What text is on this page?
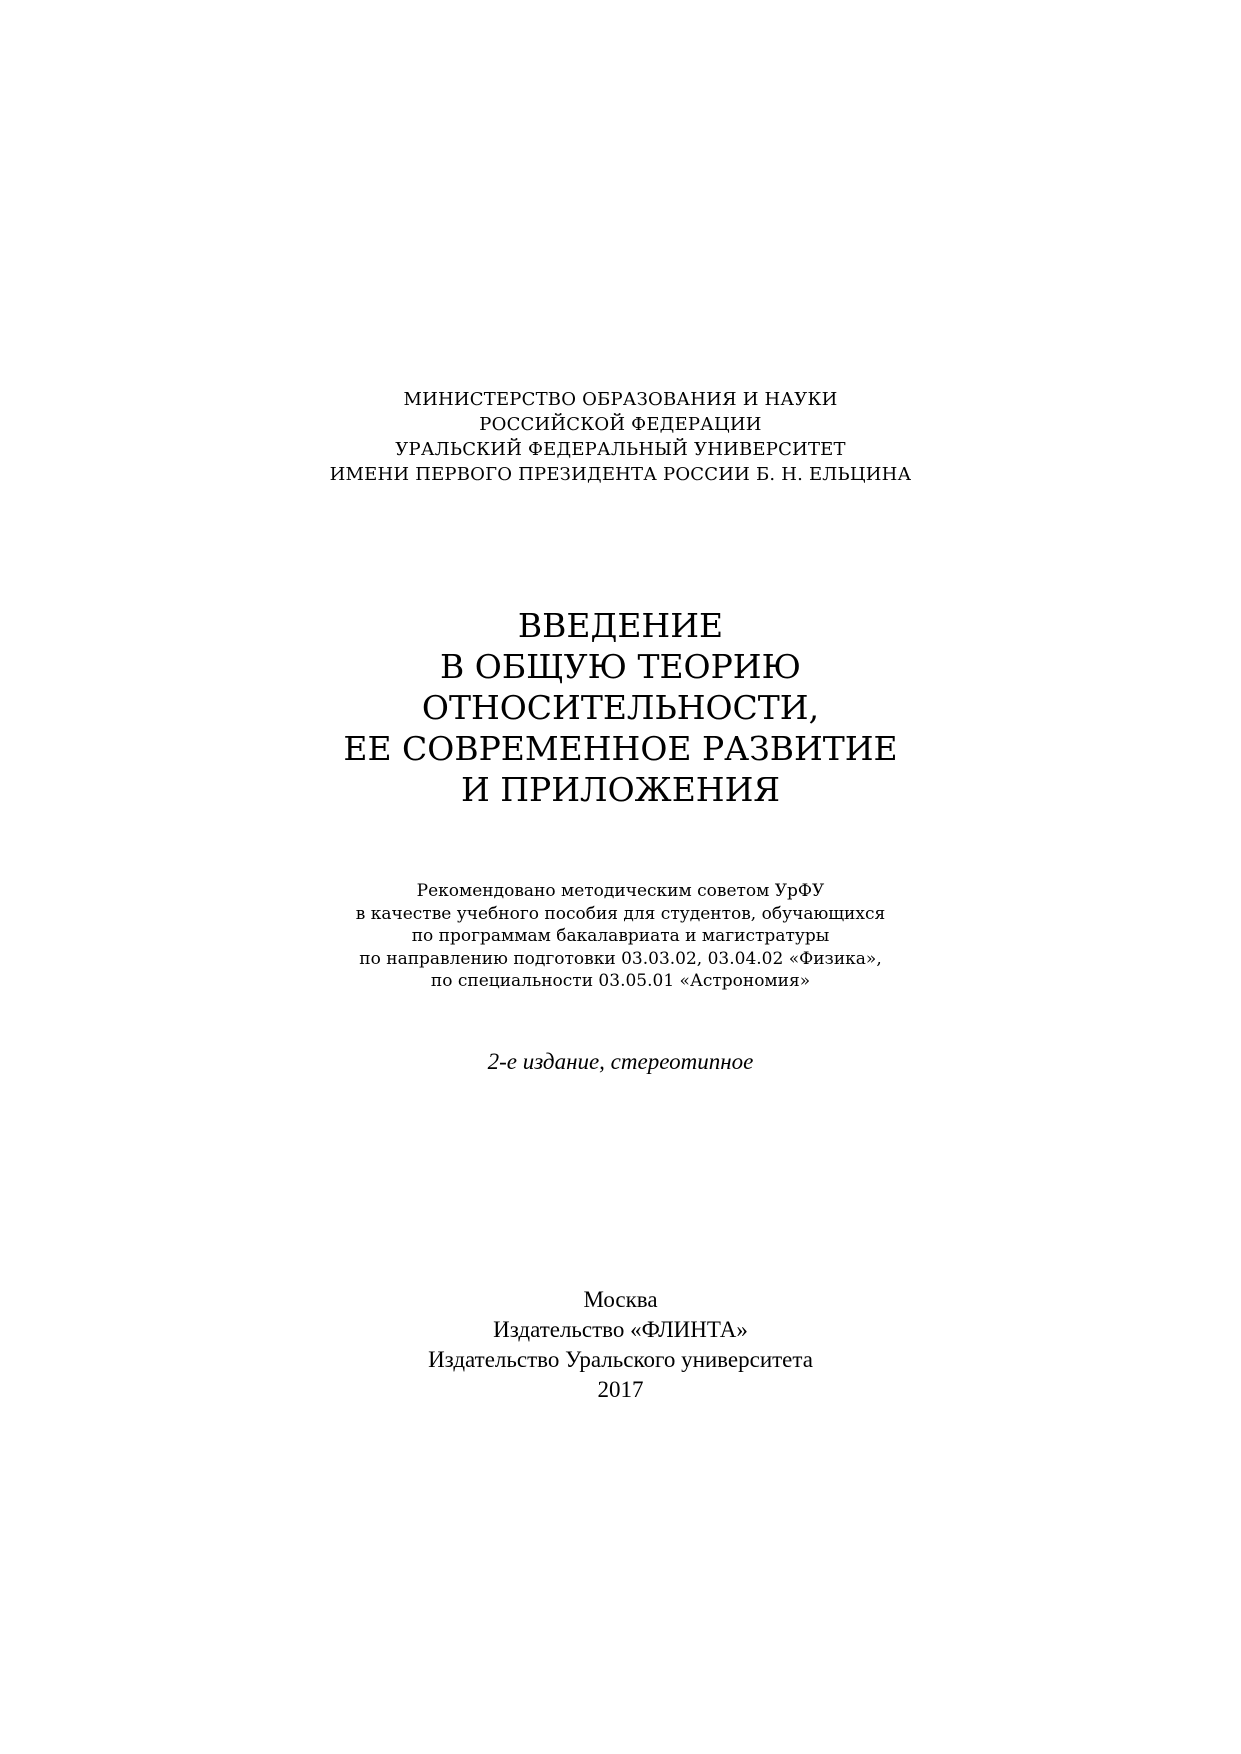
МИНИСТЕРСТВО ОБРАЗОВАНИЯ И НАУКИ
РОССИЙСКОЙ ФЕДЕРАЦИИ
УРАЛЬСКИЙ ФЕДЕРАЛЬНЫЙ УНИВЕРСИТЕТ
ИМЕНИ ПЕРВОГО ПРЕЗИДЕНТА РОССИИ Б. Н. ЕЛЬЦИНА
ВВЕДЕНИЕ
В ОБЩУЮ ТЕОРИЮ
ОТНОСИТЕЛЬНОСТИ,
ЕЕ СОВРЕМЕННОЕ РАЗВИТИЕ
И ПРИЛОЖЕНИЯ
Рекомендовано методическим советом УрФУ
в качестве учебного пособия для студентов, обучающихся
по программам бакалавриата и магистратуры
по направлению подготовки 03.03.02, 03.04.02 «Физика»,
по специальности 03.05.01 «Астрономия»
2-е издание, стереотипное
Москва
Издательство «ФЛИНТА»
Издательство Уральского университета
2017
